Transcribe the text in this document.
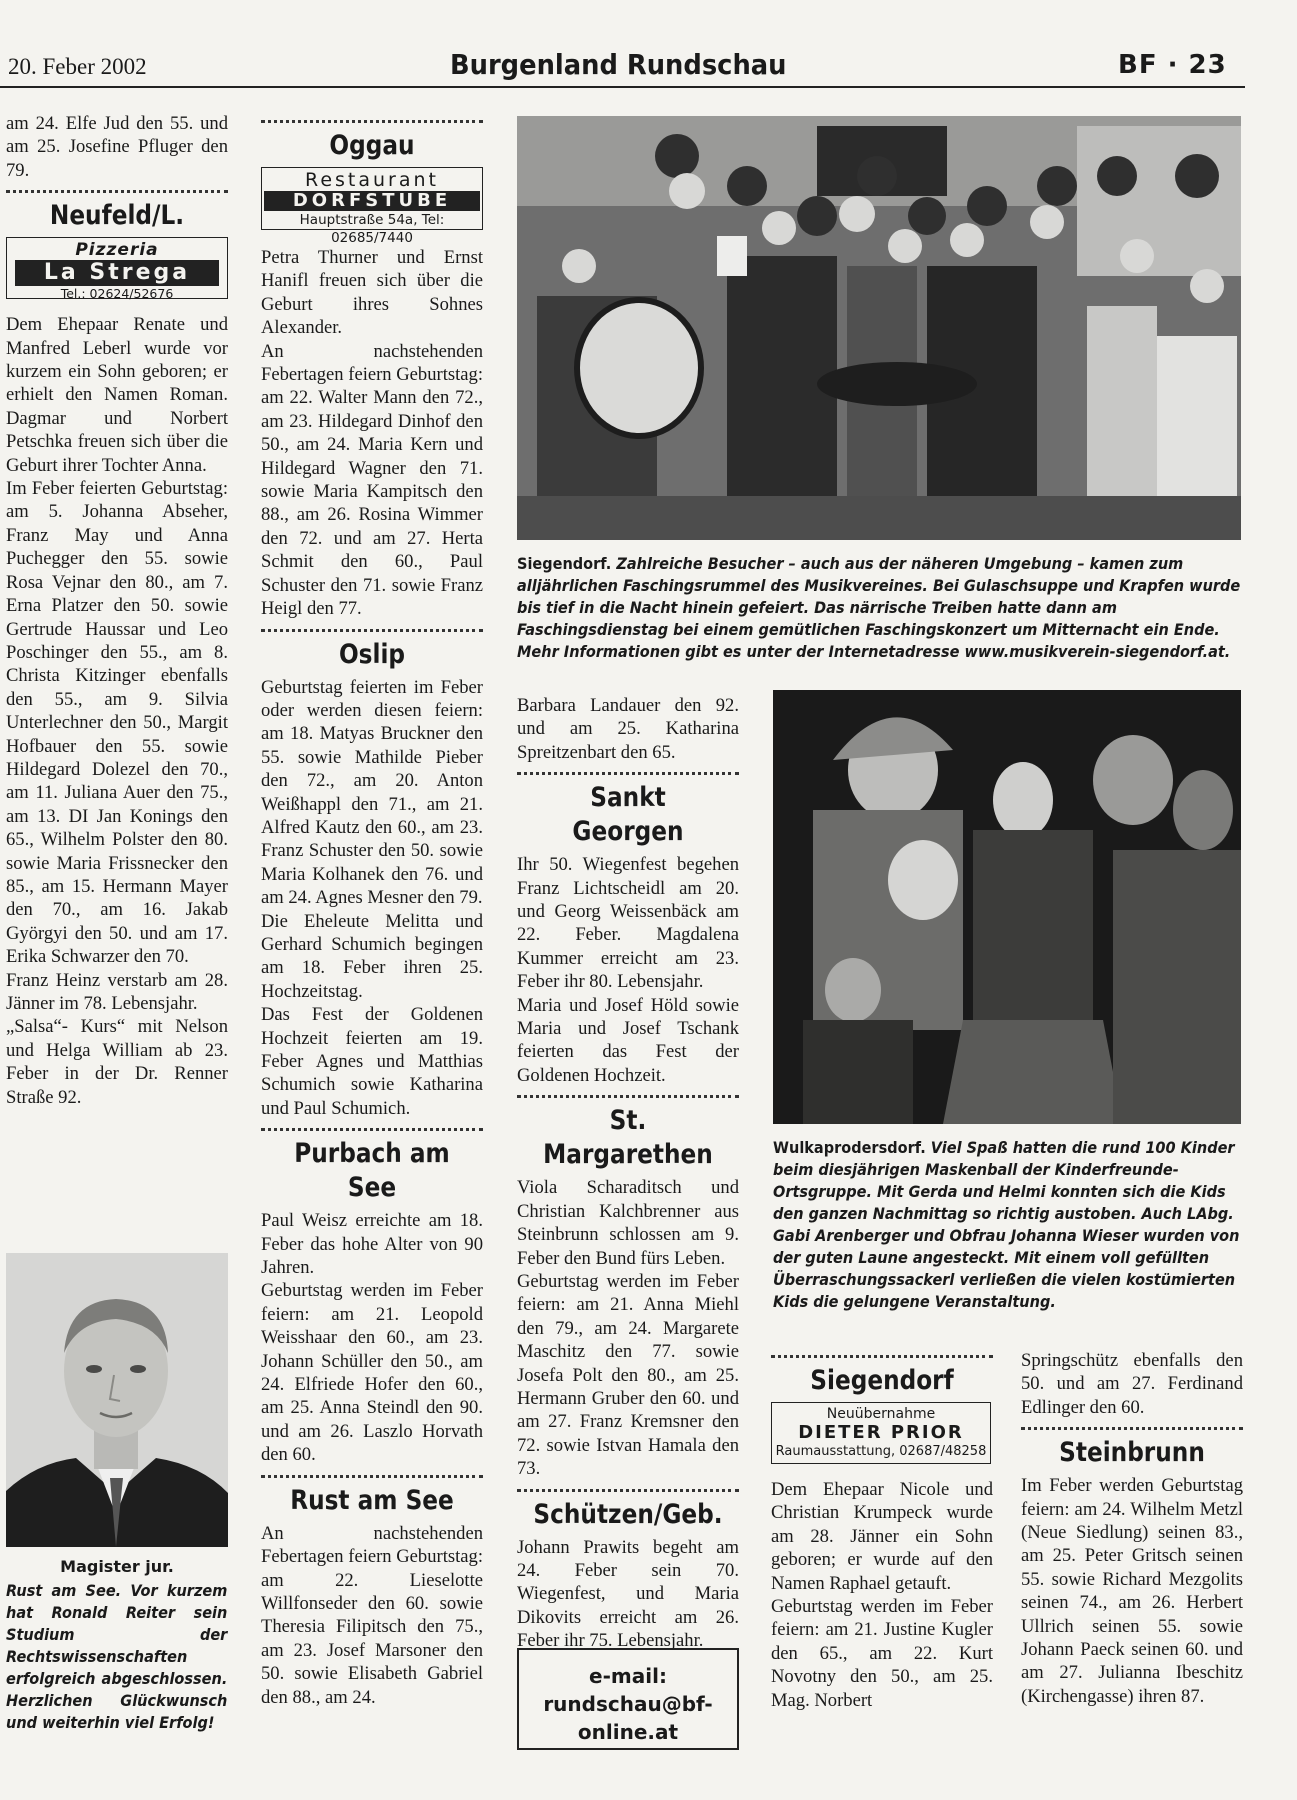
20. Feber 2002	Burgenland Rundschau	BF · 23

am 24. Elfe Jud den 55. und am 25. Josefine Pfluger den 79.

Neufeld/L.
Pizzeria
La Strega
Tel.: 02624/52676

Dem Ehepaar Renate und Manfred Leberl wurde vor kurzem ein Sohn geboren; er erhielt den Namen Roman. Dagmar und Norbert Petschka freuen sich über die Geburt ihrer Tochter Anna.

Im Feber feierten Geburtstag: am 5. Johanna Abseher, Franz May und Anna Puchegger den 55. sowie Rosa Vejnar den 80., am 7. Erna Platzer den 50. sowie Gertrude Haussar und Leo Poschinger den 55., am 8. Christa Kitzinger ebenfalls den 55., am 9. Silvia Unterlechner den 50., Margit Hofbauer den 55. sowie Hildegard Dolezel den 70., am 11. Juliana Auer den 75., am 13. DI Jan Konings den 65., Wilhelm Polster den 80. sowie Maria Frissnecker den 85., am 15. Hermann Mayer den 70., am 16. Jakab Györgyi den 50. und am 17. Erika Schwarzer den 70.

Franz Heinz verstarb am 28. Jänner im 78. Lebensjahr.

„Salsa“- Kurs“ mit Nelson und Helga William ab 23. Feber in der Dr. Renner Straße 92.

Magister jur.

Rust am See. Vor kurzem hat Ronald Reiter sein Studium der Rechtswissenschaften erfolgreich abgeschlossen. Herzlichen Glückwunsch und weiterhin viel Erfolg!

Oggau
Restaurant
DORFSTUBE
Hauptstraße 54a, Tel: 02685/7440

Petra Thurner und Ernst Hanifl freuen sich über die Geburt ihres Sohnes Alexander.

An nachstehenden Febertagen feiern Geburtstag: am 22. Walter Mann den 72., am 23. Hildegard Dinhof den 50., am 24. Maria Kern und Hildegard Wagner den 71. sowie Maria Kampitsch den 88., am 26. Rosina Wimmer den 72. und am 27. Herta Schmit den 60., Paul Schuster den 71. sowie Franz Heigl den 77.

Oslip

Geburtstag feierten im Feber oder werden diesen feiern: am 18. Matyas Bruckner den 55. sowie Mathilde Pieber den 72., am 20. Anton Weißhappl den 71., am 21. Alfred Kautz den 60., am 23. Franz Schuster den 50. sowie Maria Kolhanek den 76. und am 24. Agnes Mesner den 79.

Die Eheleute Melitta und Gerhard Schumich begingen am 18. Feber ihren 25. Hochzeitstag.

Das Fest der Goldenen Hochzeit feierten am 19. Feber Agnes und Matthias Schumich sowie Katharina und Paul Schumich.

Purbach am See

Paul Weisz erreichte am 18. Feber das hohe Alter von 90 Jahren.

Geburtstag werden im Feber feiern: am 21. Leopold Weisshaar den 60., am 23. Johann Schüller den 50., am 24. Elfriede Hofer den 60., am 25. Anna Steindl den 90. und am 26. Laszlo Horvath den 60.

Rust am See

An nachstehenden Febertagen feiern Geburtstag: am 22. Lieselotte Willfonseder den 60. sowie Theresia Filipitsch den 75., am 23. Josef Marsoner den 50. sowie Elisabeth Gabriel den 88., am 24.

Siegendorf. Zahlreiche Besucher – auch aus der näheren Umgebung – kamen zum alljährlichen Faschingsrummel des Musikvereines. Bei Gulaschsuppe und Krapfen wurde bis tief in die Nacht hinein gefeiert. Das närrische Treiben hatte dann am Faschingsdienstag bei einem gemütlichen Faschingskonzert um Mitternacht ein Ende. Mehr Informationen gibt es unter der Internetadresse www.musikverein-siegendorf.at.

Barbara Landauer den 92. und am 25. Katharina Spreitzenbart den 65.

Sankt Georgen

Ihr 50. Wiegenfest begehen Franz Lichtscheidl am 20. und Georg Weissenbäck am 22. Feber. Magdalena Kummer erreicht am 23. Feber ihr 80. Lebensjahr.

Maria und Josef Höld sowie Maria und Josef Tschank feierten das Fest der Goldenen Hochzeit.

St. Margarethen

Viola Scharaditsch und Christian Kalchbrenner aus Steinbrunn schlossen am 9. Feber den Bund fürs Leben.

Geburtstag werden im Feber feiern: am 21. Anna Miehl den 79., am 24. Margarete Maschitz den 77. sowie Josefa Polt den 80., am 25. Hermann Gruber den 60. und am 27. Franz Kremsner den 72. sowie Istvan Hamala den 73.

Schützen/Geb.

Johann Prawits begeht am 24. Feber sein 70. Wiegenfest, und Maria Dikovits erreicht am 26. Feber ihr 75. Lebensjahr.

e-mail:
rundschau@bf-online.at

Wulkaprodersdorf. Viel Spaß hatten die rund 100 Kinder beim diesjährigen Maskenball der Kinderfreunde-Ortsgruppe. Mit Gerda und Helmi konnten sich die Kids den ganzen Nachmittag so richtig austoben. Auch LAbg. Gabi Arenberger und Obfrau Johanna Wieser wurden von der guten Laune angesteckt. Mit einem voll gefüllten Überraschungssackerl verließen die vielen kostümierten Kids die gelungene Veranstaltung.

Siegendorf
Neuübernahme
DIETER PRIOR
Raumausstattung, 02687/48258

Dem Ehepaar Nicole und Christian Krumpeck wurde am 28. Jänner ein Sohn geboren; er wurde auf den Namen Raphael getauft.

Geburtstag werden im Feber feiern: am 21. Justine Kugler den 65., am 22. Kurt Novotny den 50., am 25. Mag. Norbert

Springschütz ebenfalls den 50. und am 27. Ferdinand Edlinger den 60.

Steinbrunn

Im Feber werden Geburtstag feiern: am 24. Wilhelm Metzl (Neue Siedlung) seinen 83., am 25. Peter Gritsch seinen 55. sowie Richard Mezgolits seinen 74., am 26. Herbert Ullrich seinen 55. sowie Johann Paeck seinen 60. und am 27. Julianna Ibeschitz (Kirchengasse) ihren 87.
